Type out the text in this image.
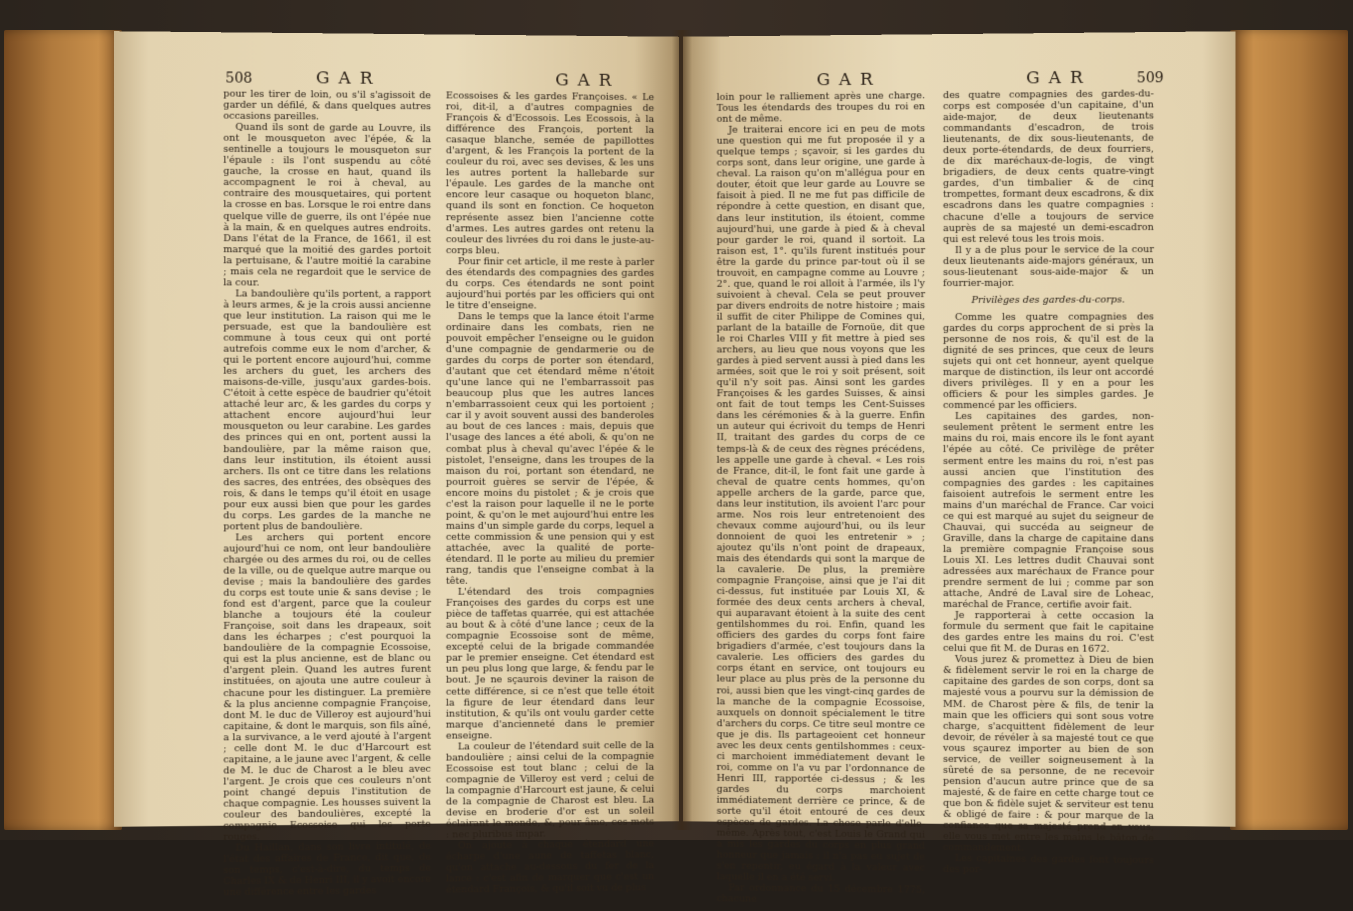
508	GAR	GAR

pour les tirer de loin, ou s'il s'agissoit de garder un défilé, & dans quelques autres occasions pareilles.

Quand ils sont de garde au Louvre, ils ont le mousqueton avec l'épée, & la sentinelle a toujours le mousqueton sur l'épaule : ils l'ont suspendu au côté gauche, la crosse en haut, quand ils accompagnent le roi à cheval, au contraire des mousquetaires, qui portent la crosse en bas. Lorsque le roi entre dans quelque ville de guerre, ils ont l'épée nue à la main, & en quelques autres endroits. Dans l'état de la France, de 1661, il est marqué que la moitié des gardes portoit la pertuisane, & l'autre moitié la carabine ; mais cela ne regardoit que le service de la cour.

La bandoulière qu'ils portent, a rapport à leurs armes, & je la crois aussi ancienne que leur institution. La raison qui me le persuade, est que la bandoulière est commune à tous ceux qui ont porté autrefois comme eux le nom d'archer, & qui le portent encore aujourd'hui, comme les archers du guet, les archers des maisons-de-ville, jusqu'aux gardes-bois. C'étoit à cette espèce de baudrier qu'étoit attaché leur arc, & les gardes du corps y attachent encore aujourd'hui leur mousqueton ou leur carabine. Les gardes des princes qui en ont, portent aussi la bandoulière, par la même raison que, dans leur institution, ils étoient aussi archers. Ils ont ce titre dans les relations des sacres, des entrées, des obsèques des rois, & dans le temps qu'il étoit en usage pour eux aussi bien que pour les gardes du corps. Les gardes de la manche ne portent plus de bandoulière.

Les archers qui portent encore aujourd'hui ce nom, ont leur bandoulière chargée ou des armes du roi, ou de celles de la ville, ou de quelque autre marque ou devise ; mais la bandoulière des gardes du corps est toute unie & sans devise ; le fond est d'argent, parce que la couleur blanche a toujours été la couleur Françoise, soit dans les drapeaux, soit dans les écharpes ; c'est pourquoi la bandoulière de la compagnie Ecossoise, qui est la plus ancienne, est de blanc ou d'argent plein. Quand les autres furent instituées, on ajouta une autre couleur à chacune pour les distinguer. La première & la plus ancienne compagnie Françoise, dont M. le duc de Villeroy est aujourd'hui capitaine, & dont le marquis, son fils aîné, a la survivance, a le verd ajouté à l'argent ; celle dont M. le duc d'Harcourt est capitaine, a le jaune avec l'argent, & celle de M. le duc de Charost a le bleu avec l'argent. Je crois que ces couleurs n'ont point changé depuis l'institution de chaque compagnie. Les housses suivent la couleur des bandoulières, excepté la compagnie Ecossoise qui les porte rouges.

Du Haillan, dans son livre intitulé, de l'état des affaires de France, dit que, de son temps, c'est-à-dire, du temps de Charles IX & de Henri III, il y avoit encore une différence entre les gardes

Ecossoises & les gardes Françoises. « Le roi, dit-il, a d'autres compagnies de François & d'Ecossois. Les Ecossois, à la différence des François, portent la casaque blanche, semée de papillottes d'argent, & les François la portent de la couleur du roi, avec ses devises, & les uns les autres portent la hallebarde sur l'épaule. Les gardes de la manche ont encore leur casaque ou hoqueton blanc, quand ils sont en fonction. Ce hoqueton représente assez bien l'ancienne cotte d'armes. Les autres gardes ont retenu la couleur des livrées du roi dans le juste-au-corps bleu.

Pour finir cet article, il me reste à parler des étendards des compagnies des gardes du corps. Ces étendards ne sont point aujourd'hui portés par les officiers qui ont le titre d'enseigne.

Dans le temps que la lance étoit l'arme ordinaire dans les combats, rien ne pouvoit empêcher l'enseigne ou le guidon d'une compagnie de gendarmerie ou de gardes du corps de porter son étendard, d'autant que cet étendard même n'étoit qu'une lance qui ne l'embarrassoit pas beaucoup plus que les autres lances n'embarrassoient ceux qui les portoient ; car il y avoit souvent aussi des banderoles au bout de ces lances : mais, depuis que l'usage des lances a été aboli, & qu'on ne combat plus à cheval qu'avec l'épée & le pistolet, l'enseigne, dans les troupes de la maison du roi, portant son étendard, ne pourroit guères se servir de l'épée, & encore moins du pistolet ; & je crois que c'est la raison pour laquelle il ne le porte point, & qu'on le met aujourd'hui entre les mains d'un simple garde du corps, lequel a cette commission & une pension qui y est attachée, avec la qualité de porte-étendard. Il le porte au milieu du premier rang, tandis que l'enseigne combat à la tête.

L'étendard des trois compagnies Françoises des gardes du corps est une pièce de taffetas quarrée, qui est attachée au bout & à côté d'une lance ; ceux de la compagnie Ecossoise sont de même, excepté celui de la brigade commandée par le premier enseigne. Cet étendard est un peu plus long que large, & fendu par le bout. Je ne sçaurois deviner la raison de cette différence, si ce n'est que telle étoit la figure de leur étendard dans leur institution, & qu'ils ont voulu garder cette marque d'ancienneté dans le premier enseigne.

La couleur de l'étendard suit celle de la bandoulière ; ainsi celui de la compagnie Ecossoise est tout blanc ; celui de la compagnie de Villeroy est verd ; celui de la compagnie d'Harcourt est jaune, & celui de la compagnie de Charost est bleu. La devise en broderie d'or est un soleil éclairant le monde, &, pour âme, ces mots : nec pluribus impar.

On ajoute à chaque étendard une écharpe d'une aune de taffetas blanc, qu'on attache au-dessous du fer de la lance : c'est afin de marquer que c'est un étendard François, & qu'il soit vu de plus

GAR	GAR	509

loin pour le ralliement après une charge. Tous les étendards des troupes du roi en ont de même.

Je traiterai encore ici en peu de mots une question qui me fut proposée il y a quelque temps ; sçavoir, si les gardes du corps sont, dans leur origine, une garde à cheval. La raison qu'on m'allégua pour en douter, étoit que leur garde au Louvre se faisoit à pied. Il ne me fut pas difficile de répondre à cette question, en disant que, dans leur institution, ils étoient, comme aujourd'hui, une garde à pied & à cheval pour garder le roi, quand il sortoit. La raison est, 1°. qu'ils furent institués pour être la garde du prince par-tout où il se trouvoit, en campagne comme au Louvre ; 2°. que, quand le roi alloit à l'armée, ils l'y suivoient à cheval. Cela se peut prouver par divers endroits de notre histoire ; mais il suffit de citer Philippe de Comines qui, parlant de la bataille de Fornoüe, dit que le roi Charles VIII y fit mettre à pied ses archers, au lieu que nous voyons que les gardes à pied servent aussi à pied dans les armées, soit que le roi y soit présent, soit qu'il n'y soit pas. Ainsi sont les gardes Françoises & les gardes Suisses, & ainsi ont fait de tout temps les Cent-Suisses dans les cérémonies & à la guerre. Enfin un auteur qui écrivoit du temps de Henri II, traitant des gardes du corps de ce temps-là & de ceux des règnes précédens, les appelle une garde à cheval. « Les rois de France, dit-il, le font fait une garde à cheval de quatre cents hommes, qu'on appelle archers de la garde, parce que, dans leur institution, ils avoient l'arc pour arme. Nos rois leur entretenoient des chevaux comme aujourd'hui, ou ils leur donnoient de quoi les entretenir » ; ajoutez qu'ils n'ont point de drapeaux, mais des étendards qui sont la marque de la cavalerie. De plus, la première compagnie Françoise, ainsi que je l'ai dit ci-dessus, fut instituée par Louis XI, & formée des deux cents archers à cheval, qui auparavant étoient à la suite des cent gentilshommes du roi. Enfin, quand les officiers des gardes du corps font faire brigadiers d'armée, c'est toujours dans la cavalerie. Les officiers des gardes du corps étant en service, ont toujours eu leur place au plus près de la personne du roi, aussi bien que les vingt-cinq gardes de la manche de la compagnie Ecossoise, auxquels on donnoit spécialement le titre d'archers du corps. Ce titre seul montre ce que je dis. Ils partageoient cet honneur avec les deux cents gentilshommes : ceux-ci marchoient immédiatement devant le roi, comme on l'a vu par l'ordonnance de Henri III, rapportée ci-dessus ; & les gardes du corps marchoient immédiatement derrière ce prince, & de sorte qu'il étoit entouré de ces deux espèces de gardes. La chose parle d'elle-même. Après tout, c'est Louis le Grand qui a mis les gardes du corps en plus grand honneur que jamais : il n'a pas eu sujet de s'en repentir, eu égard à la valeur avec laquelle il en a été servi.

Par ordonnance du 15 décembre 1775, chacune

des quatre compagnies des gardes-du-corps est composée d'un capitaine, d'un aide-major, de deux lieutenants commandants d'escadron, de trois lieutenants, de dix sous-lieutenants, de deux porte-étendards, de deux fourriers, de dix maréchaux-de-logis, de vingt brigadiers, de deux cents quatre-vingt gardes, d'un timbalier & de cinq trompettes, formant deux escadrons, & dix escadrons dans les quatre compagnies : chacune d'elle a toujours de service auprès de sa majesté un demi-escadron qui est relevé tous les trois mois.

Il y a de plus pour le service de la cour deux lieutenants aide-majors généraux, un sous-lieutenant sous-aide-major & un fourrier-major.

Privilèges des gardes-du-corps.

Comme les quatre compagnies des gardes du corps approchent de si près la personne de nos rois, & qu'il est de la dignité de ses princes, que ceux de leurs sujets qui ont cet honneur, ayent quelque marque de distinction, ils leur ont accordé divers privilèges. Il y en a pour les officiers & pour les simples gardes. Je commencé par les officiers.

Les capitaines des gardes, non-seulement prêtent le serment entre les mains du roi, mais encore ils le font ayant l'épée au côté. Ce privilège de prêter serment entre les mains du roi, n'est pas aussi ancien que l'institution des compagnies des gardes : les capitaines faisoient autrefois le serment entre les mains d'un maréchal de France. Car voici ce qui est marqué au sujet du seigneur de Chauvai, qui succéda au seigneur de Graville, dans la charge de capitaine dans la première compagnie Françoise sous Louis XI. Les lettres dudit Chauvai sont adressées aux maréchaux de France pour prendre serment de lui ; comme par son attache, André de Laval sire de Loheac, maréchal de France, certifie avoir fait.

Je rapporterai à cette occasion la formule du serment que fait le capitaine des gardes entre les mains du roi. C'est celui que fit M. de Duras en 1672.

Vous jurez & promettez à Dieu de bien & fidèlement servir le roi en la charge de capitaine des gardes de son corps, dont sa majesté vous a pourvu sur la démission de MM. de Charost père & fils, de tenir la main que les officiers qui sont sous votre charge, s'acquittent fidèlement de leur devoir, de révéler à sa majesté tout ce que vous sçaurez importer au bien de son service, de veiller soigneusement à la sûreté de sa personne, de ne recevoir pension d'aucun autre prince que de sa majesté, & de faire en cette charge tout ce que bon & fidèle sujet & serviteur est tenu & obligé de faire : & pour marque de la confiance que sa majesté prend en vous, elle vous met entre les mains le bâton de commandement.

Les capitaines des gardes font toujours des por-
